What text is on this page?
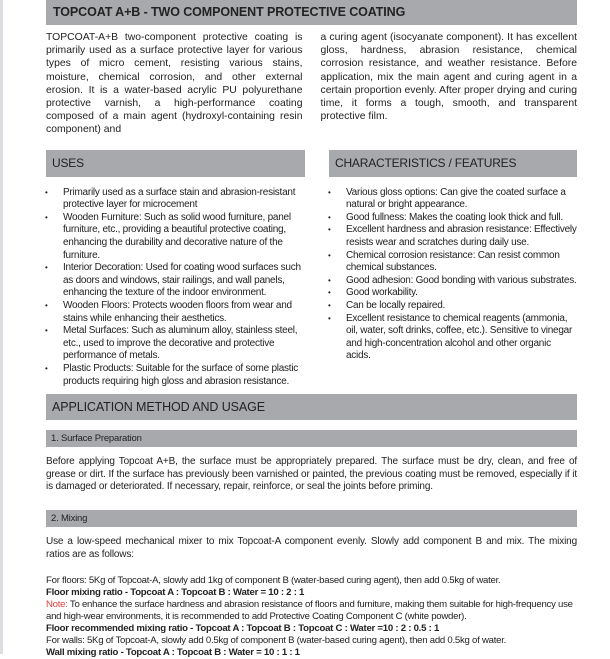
TOPCOAT A+B - TWO COMPONENT PROTECTIVE COATING

TOPCOAT-A+B two-component protective coating is primarily used as a surface protective layer for various types of micro cement, resisting various stains, moisture, chemical corrosion, and other external erosion. It is a water-based acrylic PU polyurethane protective varnish, a high-performance coating composed of a main agent (hydroxyl-containing resin component) and

a curing agent (isocyanate component). It has excellent gloss, hardness, abrasion resistance, chemical corrosion resistance, and weather resistance. Before application, mix the main agent and curing agent in a certain proportion evenly. After proper drying and curing time, it forms a tough, smooth, and transparent protective film.

USES
• Primarily used as a surface stain and abrasion-resistant protective layer for microcement
• Wooden Furniture: Such as solid wood furniture, panel furniture, etc., providing a beautiful protective coating, enhancing the durability and decorative nature of the furniture.
• Interior Decoration: Used for coating wood surfaces such as doors and windows, stair railings, and wall panels, enhancing the texture of the indoor environment.
• Wooden Floors: Protects wooden floors from wear and stains while enhancing their aesthetics.
• Metal Surfaces: Such as aluminum alloy, stainless steel, etc., used to improve the decorative and protective performance of metals.
• Plastic Products: Suitable for the surface of some plastic products requiring high gloss and abrasion resistance.
CHARACTERISTICS / FEATURES
• Various gloss options: Can give the coated surface a natural or bright appearance.
• Good fullness: Makes the coating look thick and full.
• Excellent hardness and abrasion resistance: Effectively resists wear and scratches during daily use.
• Chemical corrosion resistance: Can resist common chemical substances.
• Good adhesion: Good bonding with various substrates.
• Good workability.
• Can be locally repaired.
• Excellent resistance to chemical reagents (ammonia, oil, water, soft drinks, coffee, etc.). Sensitive to vinegar and high-concentration alcohol and other organic acids.
APPLICATION METHOD AND USAGE
1. Surface Preparation

Before applying Topcoat A+B, the surface must be appropriately prepared. The surface must be dry, clean, and free of grease or dirt. If the surface has previously been varnished or painted, the previous coating must be removed, especially if it is damaged or deteriorated. If necessary, repair, reinforce, or seal the joints before priming.

2. Mixing

Use a low-speed mechanical mixer to mix Topcoat-A component evenly. Slowly add component B and mix. The mixing ratios are as follows:

For floors: 5Kg of Topcoat-A, slowly add 1kg of component B (water-based curing agent), then add 0.5kg of water.
Floor mixing ratio - Topcoat A : Topcoat B : Water = 10 : 2 : 1
Note: To enhance the surface hardness and abrasion resistance of floors and furniture, making them suitable for high-frequency use and high-wear environments, it is recommended to add Protective Coating Component C (white powder).
Floor recommended mixing ratio - Topcoat A : Topcoat B : Topcoat C : Water =10 : 2 : 0.5 : 1
For walls: 5Kg of Topcoat-A, slowly add 0.5kg of component B (water-based curing agent), then add 0.5kg of water.
Wall mixing ratio - Topcoat A : Topcoat B : Water = 10 : 1 : 1
